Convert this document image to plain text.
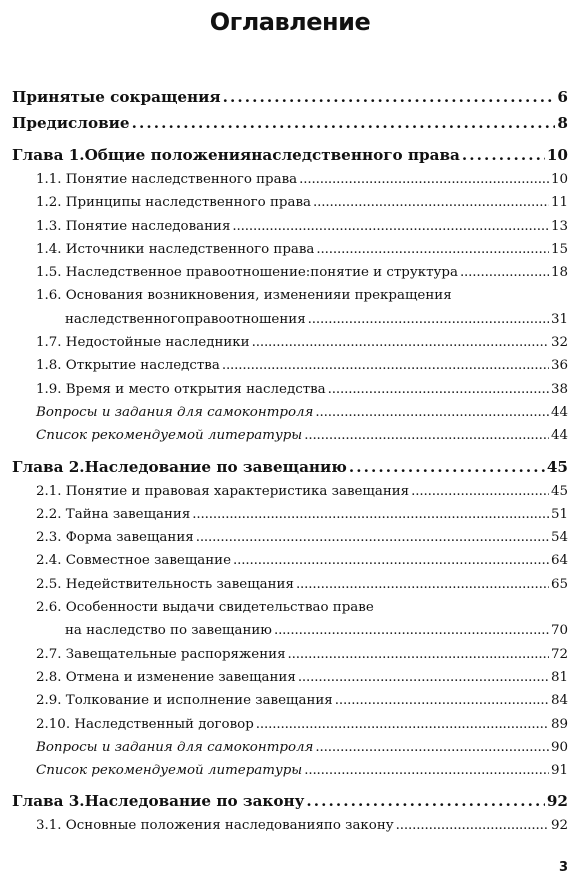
Оглавление
Принятые сокращения . . .	6
Предисловие . . .	8
Глава 1.Общие положениянаследственного права . . .	10
1.1. Понятие наследственного права . . .	10
1.2. Принципы наследственного права . . .	11
1.3. Понятие наследования . . .	13
1.4. Источники наследственного права . . .	15
1.5. Наследственное правоотношение:понятие и структура . . .	18
1.6. Основания возникновения, измененияи прекращения
наследственногоправоотношения . . .	31
1.7. Недостойные наследники . . .	32
1.8. Открытие наследства . . .	36
1.9. Время и место открытия наследства . . .	38
Вопросы и задания для самоконтроля . . .	44
Список рекомендуемой литературы . . .	44
Глава 2.Наследование по завещанию . . .	45
2.1. Понятие и правовая характеристика завещания . . .	45
2.2. Тайна завещания . . .	51
2.3. Форма завещания . . .	54
2.4. Совместное завещание . . .	64
2.5. Недействительность завещания . . .	65
2.6. Особенности выдачи свидетельствао праве
на наследство по завещанию . . .	70
2.7. Завещательные распоряжения . . .	72
2.8. Отмена и изменение завещания . . .	81
2.9. Толкование и исполнение завещания . . .	84
2.10. Наследственный договор . . .	89
Вопросы и задания для самоконтроля . . .	90
Список рекомендуемой литературы . . .	91
Глава 3.Наследование по закону . . .	92
3.1. Основные положения наследованияпо закону . . .	92
3
